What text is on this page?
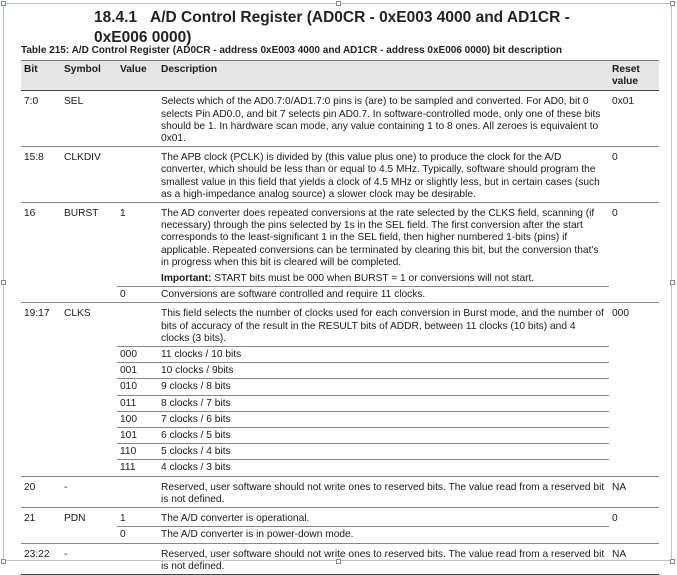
18.4.1 A/D Control Register (AD0CR - 0xE003 4000 and AD1CR - 0xE006 0000)
Table 215: A/D Control Register (AD0CR - address 0xE003 4000 and AD1CR - address 0xE006 0000) bit description
Bit	Symbol	Value	Description	Reset value
7:0	SEL		Selects which of the AD0.7:0/AD1.7:0 pins is (are) to be sampled and converted. For AD0, bit 0 selects Pin AD0.0, and bit 7 selects pin AD0.7. In software-controlled mode, only one of these bits should be 1. In hardware scan mode, any value containing 1 to 8 ones. All zeroes is equivalent to 0x01.	0x01
15:8	CLKDIV		The APB clock (PCLK) is divided by (this value plus one) to produce the clock for the A/D converter, which should be less than or equal to 4.5 MHz. Typically, software should program the smallest value in this field that yields a clock of 4.5 MHz or slightly less, but in certain cases (such as a high-impedance analog source) a slower clock may be desirable.	0
16	BURST	1	The AD converter does repeated conversions at the rate selected by the CLKS field, scanning (if necessary) through the pins selected by 1s in the SEL field. The first conversion after the start corresponds to the least-significant 1 in the SEL field, then higher numbered 1-bits (pins) if applicable. Repeated conversions can be terminated by clearing this bit, but the conversion that's in progress when this bit is cleared will be completed.	0
			Important: START bits must be 000 when BURST = 1 or conversions will not start.	
		0	Conversions are software controlled and require 11 clocks.	
19:17	CLKS		This field selects the number of clocks used for each conversion in Burst mode, and the number of bits of accuracy of the result in the RESULT bits of ADDR, between 11 clocks (10 bits) and 4 clocks (3 bits).	000
		000	11 clocks / 10 bits	
		001	10 clocks / 9bits	
		010	9 clocks / 8 bits	
		011	8 clocks / 7 bits	
		100	7 clocks / 6 bits	
		101	6 clocks / 5 bits	
		110	5 clocks / 4 bits	
		111	4 clocks / 3 bits	
20	-		Reserved, user software should not write ones to reserved bits. The value read from a reserved bit is not defined.	NA
21	PDN	1	The A/D converter is operational.	0
		0	The A/D converter is in power-down mode.	
23:22	-		Reserved, user software should not write ones to reserved bits. The value read from a reserved bit is not defined.	NA
